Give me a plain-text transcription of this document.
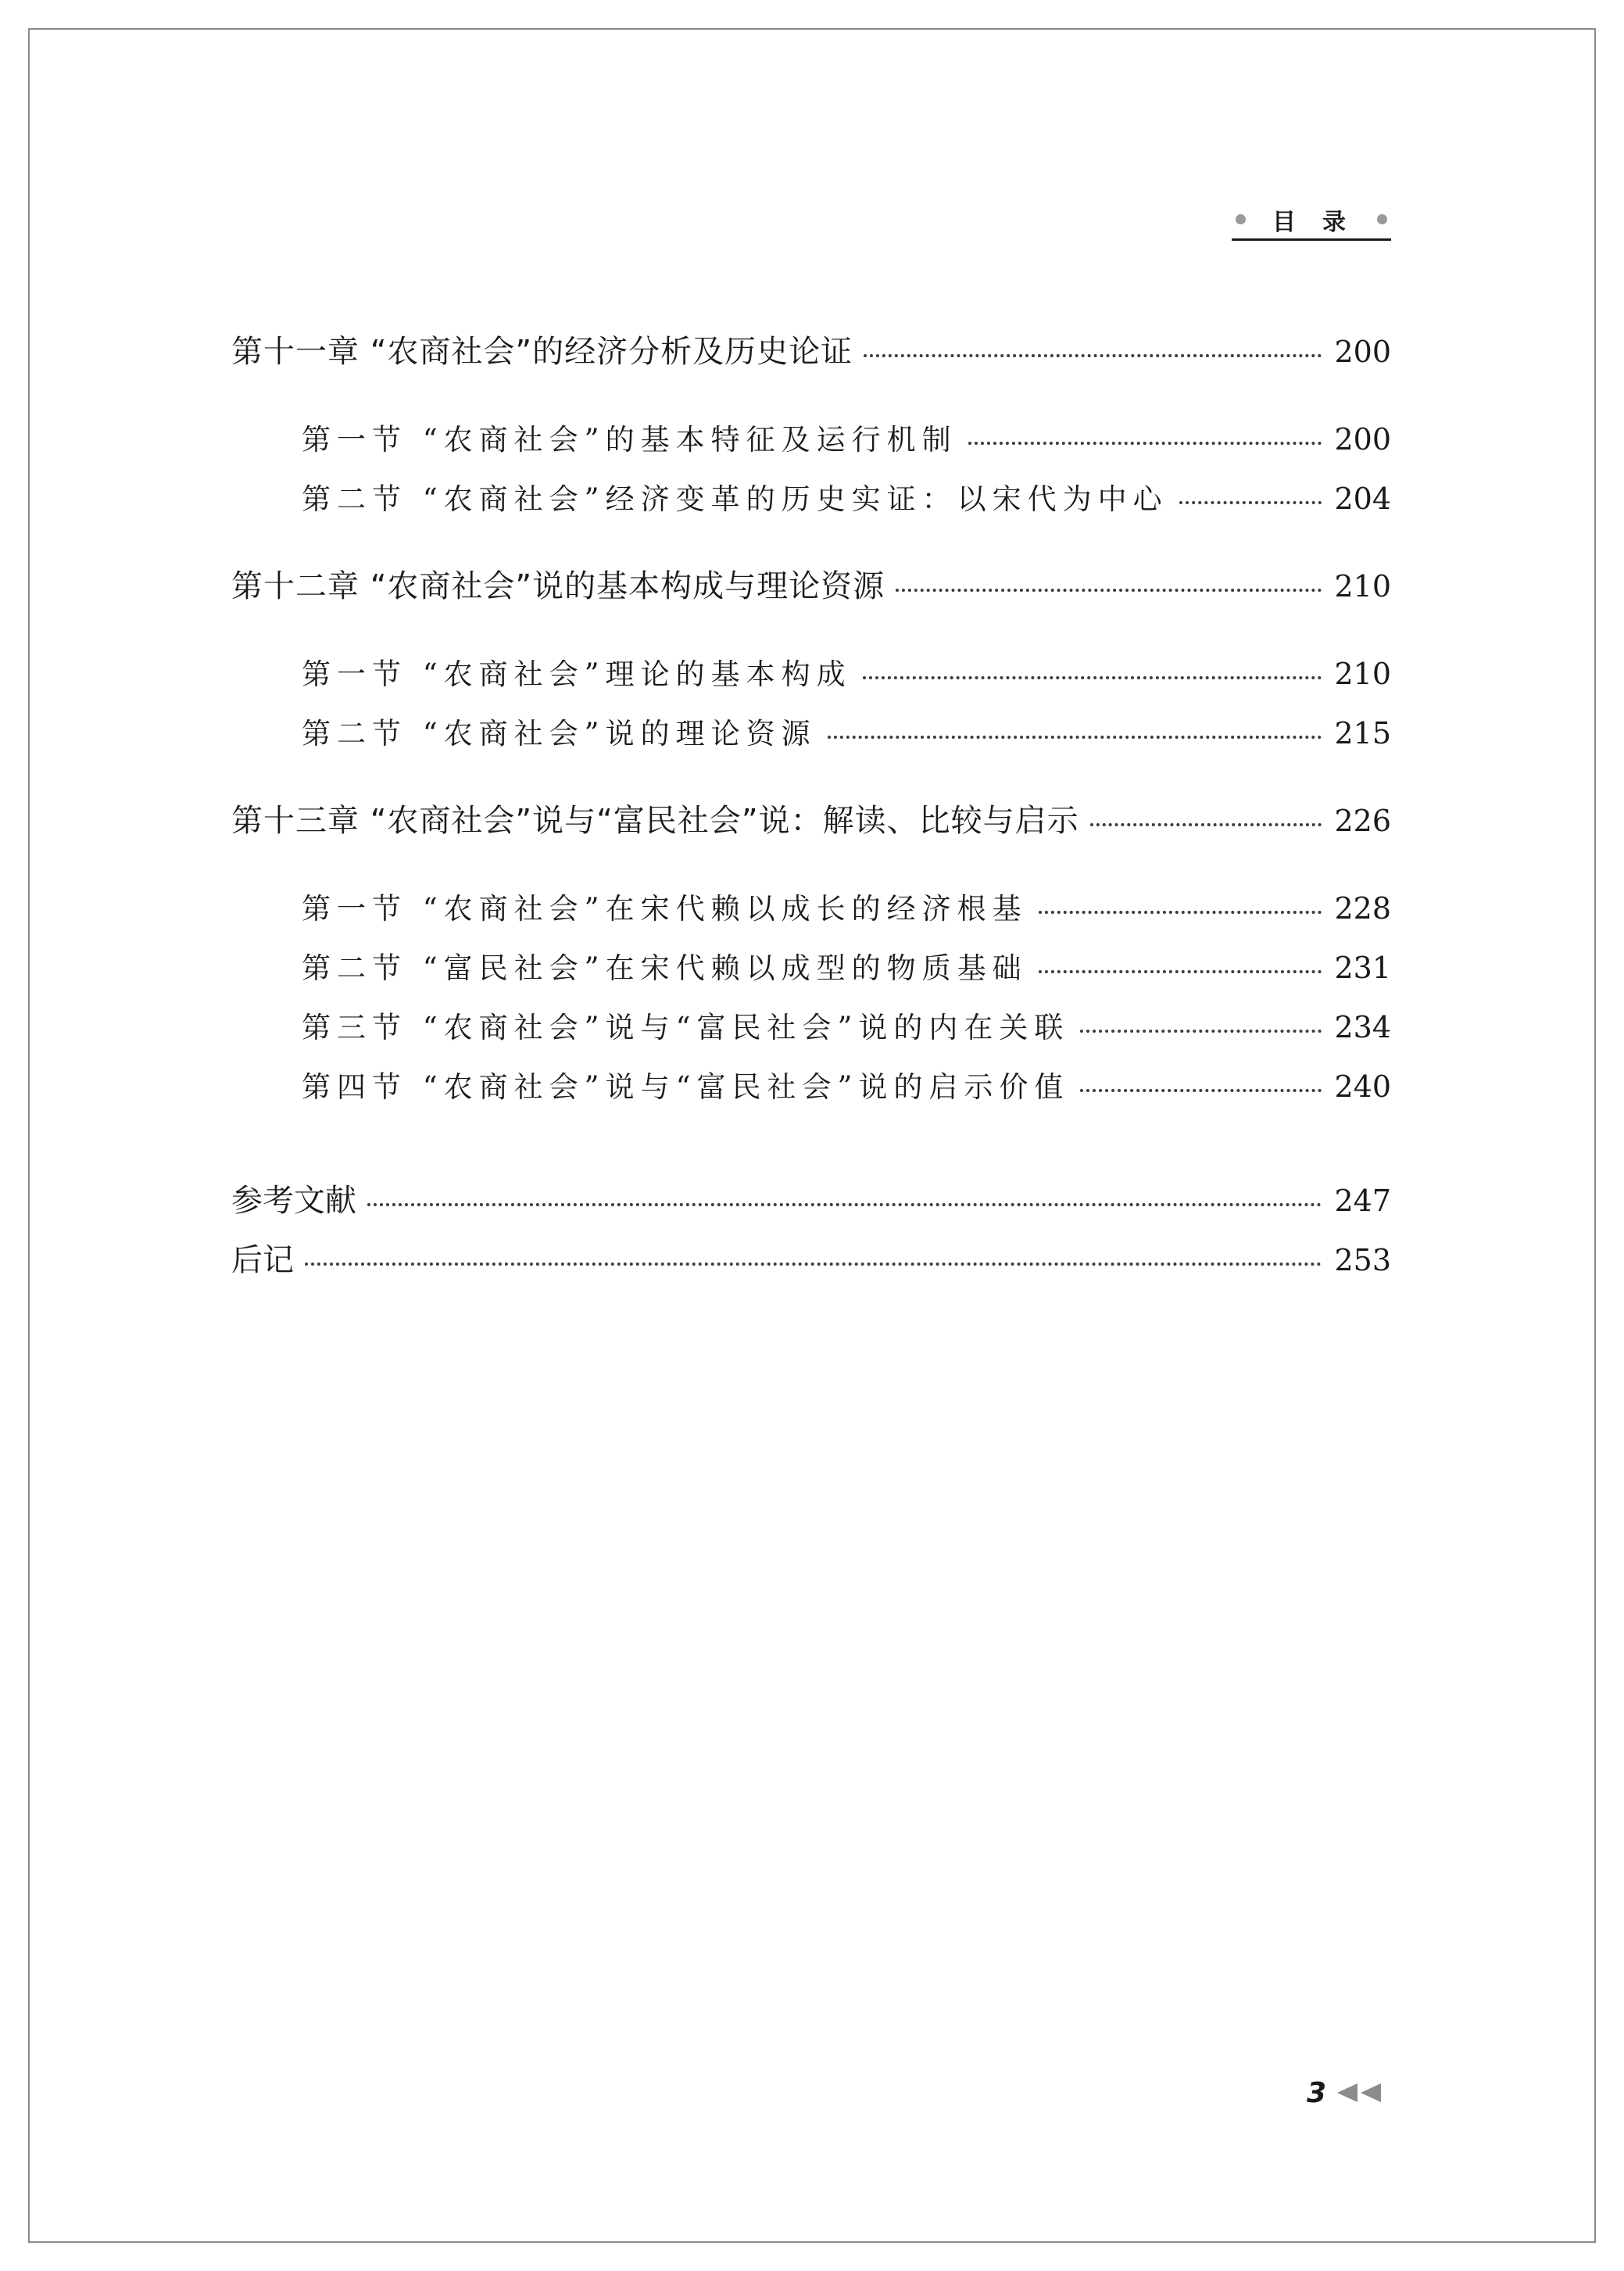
目录
第十一章 “农商社会”的经济分析及历史论证	200
第一节 “农商社会”的基本特征及运行机制	200
第二节 “农商社会”经济变革的历史实证：以宋代为中心	204
第十二章 “农商社会”说的基本构成与理论资源	210
第一节 “农商社会”理论的基本构成	210
第二节 “农商社会”说的理论资源	215
第十三章 “农商社会”说与“富民社会”说：解读、比较与启示	226
第一节 “农商社会”在宋代赖以成长的经济根基	228
第二节 “富民社会”在宋代赖以成型的物质基础	231
第三节 “农商社会”说与“富民社会”说的内在关联	234
第四节 “农商社会”说与“富民社会”说的启示价值	240
参考文献	247
后记	253
3
